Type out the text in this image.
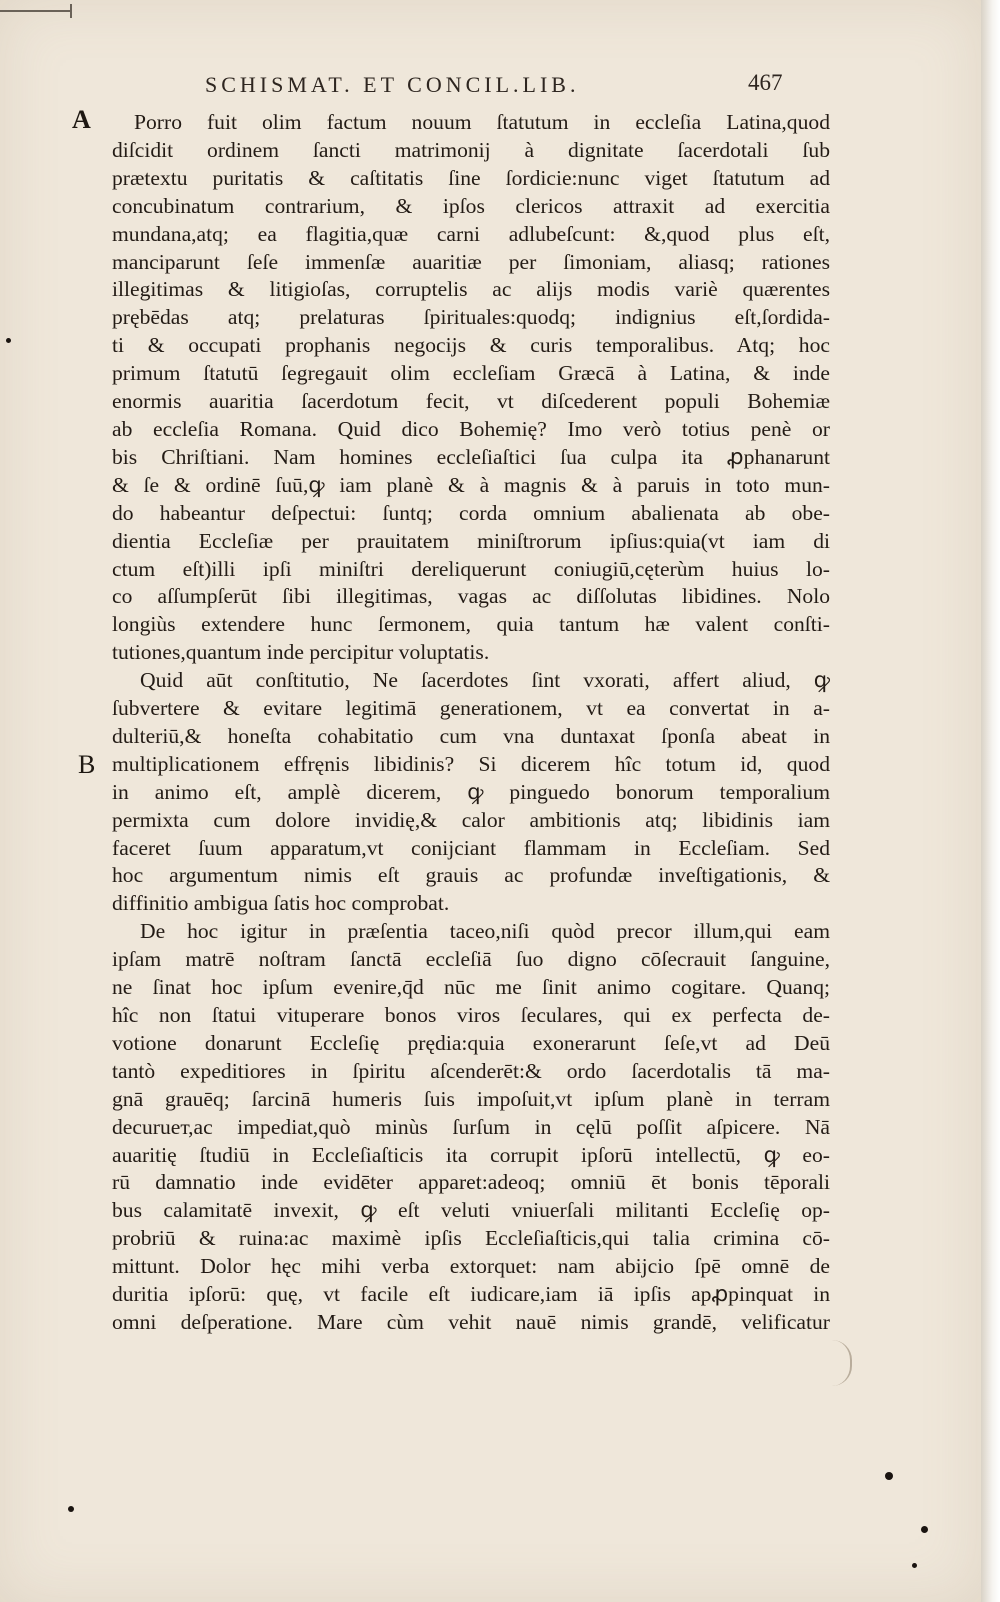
SCHISMAT. ET CONCIL.LIB.	467
A
B
Porro fuit olim factum nouum ſtatutum in eccleſia Latina,quod
diſcidit ordinem ſancti matrimonij à dignitate ſacerdotali ſub
prætextu puritatis & caſtitatis ſine ſordicie:nunc viget ſtatutum ad
concubinatum contrarium, & ipſos clericos attraxit ad exercitia
mundana,atq; ea flagitia,quæ carni adlubeſcunt: &,quod plus eſt,
manciparunt ſeſe immenſæ auaritiæ per ſimoniam, aliasq; rationes
illegitimas & litigioſas, corruptelis ac alijs modis variè quærentes
prębēdas atq; prelaturas ſpirituales:quodq; indignius eſt,ſordida-
ti & occupati prophanis negocijs & curis temporalibus. Atq; hoc
primum ſtatutū ſegregauit olim eccleſiam Græcā à Latina, & inde
enormis auaritia ſacerdotum fecit, vt diſcederent populi Bohemiæ
ab eccleſia Romana. Quid dico Bohemię? Imo verò totius penè or
bis Chriſtiani. Nam homines eccleſiaſtici ſua culpa ita ꝓphanarunt
& ſe & ordinē ſuū,ꝙ iam planè & à magnis & à paruis in toto mun-
do habeantur deſpectui: ſuntq; corda omnium abalienata ab obe-
dientia Eccleſiæ per prauitatem miniſtrorum ipſius:quia(vt iam di
ctum eſt)illi ipſi miniſtri dereliquerunt coniugiū,cęterùm huius lo-
co aſſumpſerūt ſibi illegitimas, vagas ac diſſolutas libidines. Nolo
longiùs extendere hunc ſermonem, quia tantum hæ valent conſti-
tutiones,quantum inde percipitur voluptatis.
Quid aūt conſtitutio, Ne ſacerdotes ſint vxorati, affert aliud, ꝙ
ſubvertere & evitare legitimā generationem, vt ea convertat in a-
dulteriū,& honeſta cohabitatio cum vna duntaxat ſponſa abeat in
multiplicationem effręnis libidinis? Si dicerem hîc totum id, quod
in animo eſt, amplè dicerem, ꝙ pinguedo bonorum temporalium
permixta cum dolore invidię,& calor ambitionis atq; libidinis iam
faceret ſuum apparatum,vt conijciant flammam in Eccleſiam. Sed
hoc argumentum nimis eſt grauis ac profundæ inveſtigationis, &
diffinitio ambigua ſatis hoc comprobat.
De hoc igitur in præſentia taceo,niſi quòd precor illum,qui eam
ipſam matrē noſtram ſanctā eccleſiā ſuo digno cōſecrauit ſanguine,
ne ſinat hoc ipſum evenire,q̄d nūc me ſinit animo cogitare. Quanq;
hîc non ſtatui vituperare bonos viros ſeculares, qui ex perfecta de-
votione donarunt Eccleſię prędia:quia exonerarunt ſeſe,vt ad Deū
tantò expeditiores in ſpiritu aſcenderēt:& ordo ſacerdotalis tā ma-
gnā grauēq; ſarcinā humeris ſuis impoſuit,vt ipſum planè in terram
decurueт,ac impediat,quò minùs ſurſum in cęlū poſſit aſpicere. Nā
auaritię ſtudiū in Eccleſiaſticis ita corrupit ipſorū intellectū, ꝙ eo-
rū damnatio inde evidēter apparet:adeoq; omniū ēt bonis tēporali
bus calamitatē invexit, ꝙ eſt veluti vniuerſali militanti Eccleſię op-
probriū & ruina:ac maximè ipſis Eccleſiaſticis,qui talia crimina cō-
mittunt. Dolor hęc mihi verba extorquet: nam abijcio ſpē omnē de
duritia ipſorū: quę, vt facile eſt iudicare,iam iā ipſis apꝓpinquat in
omni deſperatione. Mare cùm vehit nauē nimis grandē, velificatur
